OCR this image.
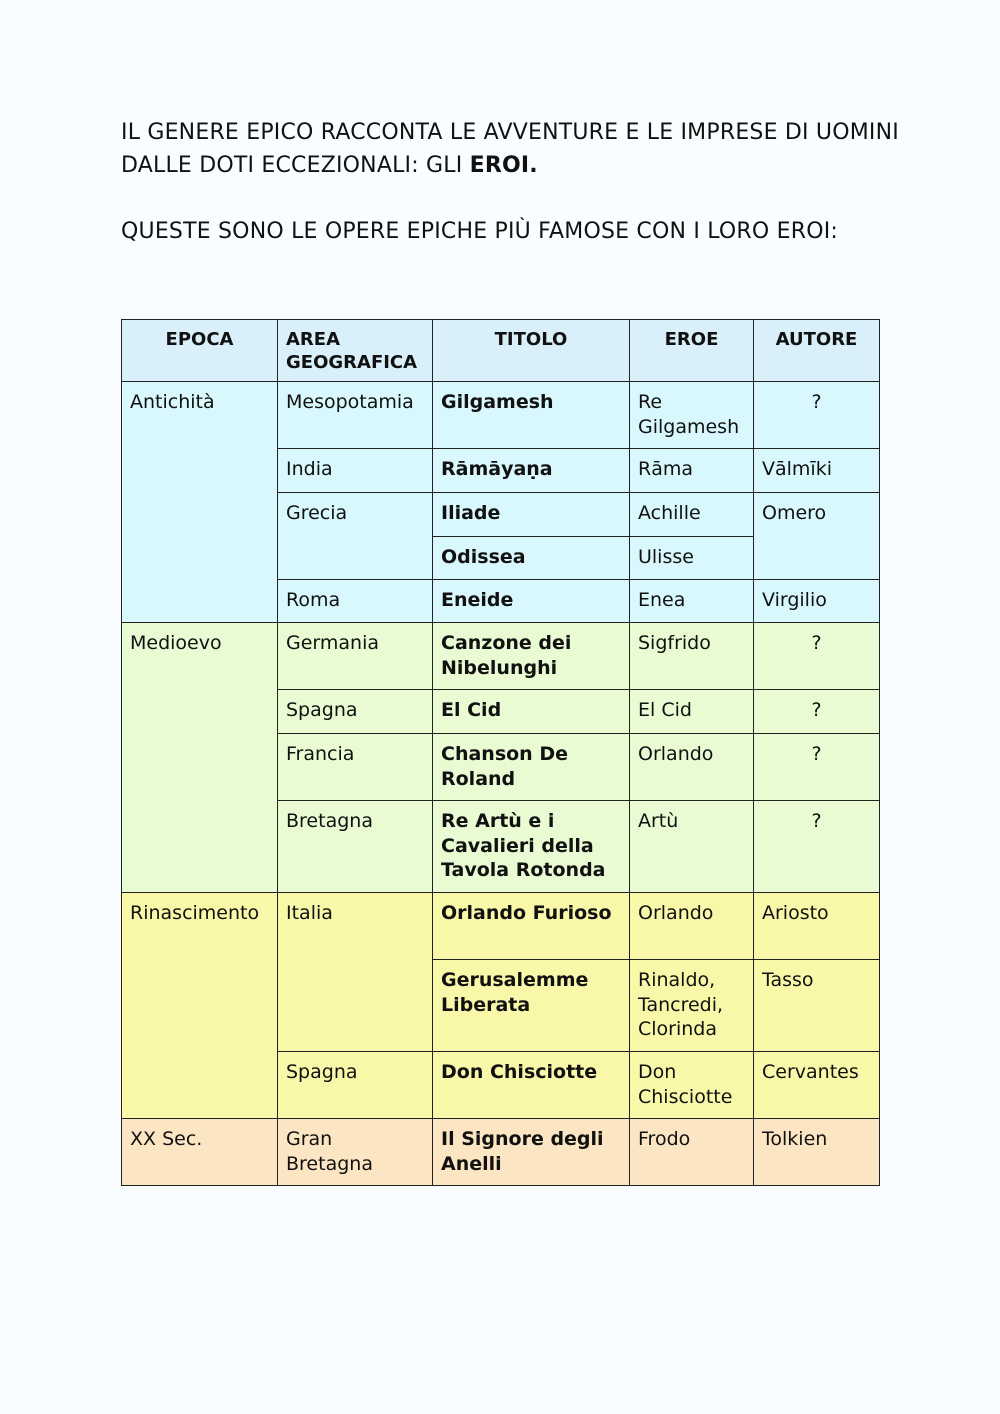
IL GENERE EPICO RACCONTA LE AVVENTURE E LE IMPRESE DI UOMINI DALLE DOTI ECCEZIONALI: GLI EROI.

QUESTE SONO LE OPERE EPICHE PIÙ FAMOSE CON I LORO EROI:

EPOCA	AREA GEOGRAFICA	TITOLO	EROE	AUTORE
Antichità	Mesopotamia	Gilgamesh	Re Gilgamesh	?
	India	Rāmāyaṇa	Rāma	Vālmīki
	Grecia	Iliade	Achille	Omero
		Odissea	Ulisse	
	Roma	Eneide	Enea	Virgilio
Medioevo	Germania	Canzone dei Nibelunghi	Sigfrido	?
	Spagna	El Cid	El Cid	?
	Francia	Chanson De Roland	Orlando	?
	Bretagna	Re Artù e i Cavalieri della Tavola Rotonda	Artù	?
Rinascimento	Italia	Orlando Furioso	Orlando	Ariosto
		Gerusalemme Liberata	Rinaldo, Tancredi, Clorinda	Tasso
	Spagna	Don Chisciotte	Don Chisciotte	Cervantes
XX Sec.	Gran Bretagna	Il Signore degli Anelli	Frodo	Tolkien
